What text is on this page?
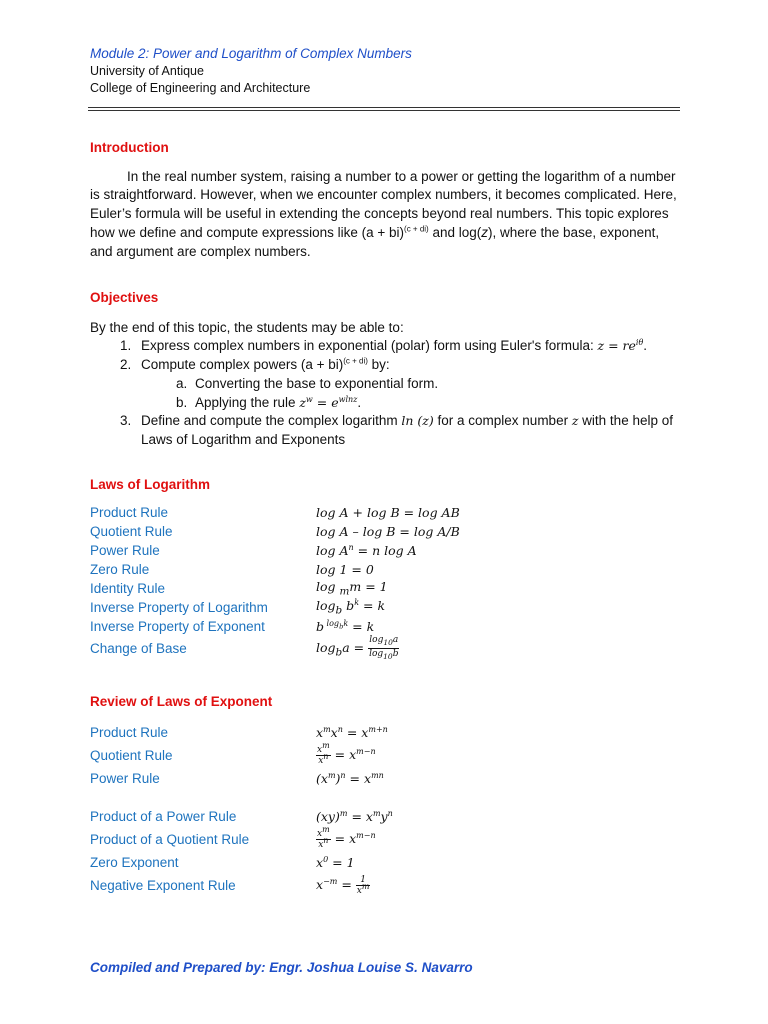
Module 2: Power and Logarithm of Complex Numbers

University of Antique

College of Engineering and Architecture

Introduction

In the real number system, raising a number to a power or getting the logarithm of a number is straightforward. However, when we encounter complex numbers, it becomes complicated. Here, Euler’s formula will be useful in extending the concepts beyond real numbers. This topic explores how we define and compute expressions like (a + bi)$^{(c + di)}$ and log(z), where the base, exponent, and argument are complex numbers.

Objectives

By the end of this topic, the students may be able to:

1. Express complex numbers in exponential (polar) form using Euler's formula: $z = re^{i\theta}$.
2. Compute complex powers (a + bi)$^{(c + di)}$ by:
a. Converting the base to exponential form.
b. Applying the rule $z^w = e^{wlnz}$.
3. Define and compute the complex logarithm ln (z) for a complex number z with the help of Laws of Logarithm and Exponents

Laws of Logarithm

Product Rule	log A + log B = log AB
Quotient Rule	log A – log B = log A/B
Power Rule	$\log A^n = n$ log A
Zero Rule	log 1 = 0
Identity Rule	log $_m$m = 1
Inverse Property of Logarithm	$\log_b b^k = k$
Inverse Property of Exponent	b $^{log_bk}$ = k
Change of Base	$\log_ba = \frac{\log_{10}a}{\log_{10}b}$

Review of Laws of Exponent

Product Rule	$x^mx^n = x^{m+n}$
Quotient Rule	$\frac{x^m}{x^n} = x^{m-n}$
Power Rule	$(x^m)^n = x^{mn}$
Product of a Power Rule	$(xy)^m = x^my^n$
Product of a Quotient Rule	$\frac{x^m}{x^n} = x^{m-n}$
Zero Exponent	$x^0 = 1$
Negative Exponent Rule	$x^{-m} = \frac{1}{x^m}$
Compiled and Prepared by: Engr. Joshua Louise S. Navarro
